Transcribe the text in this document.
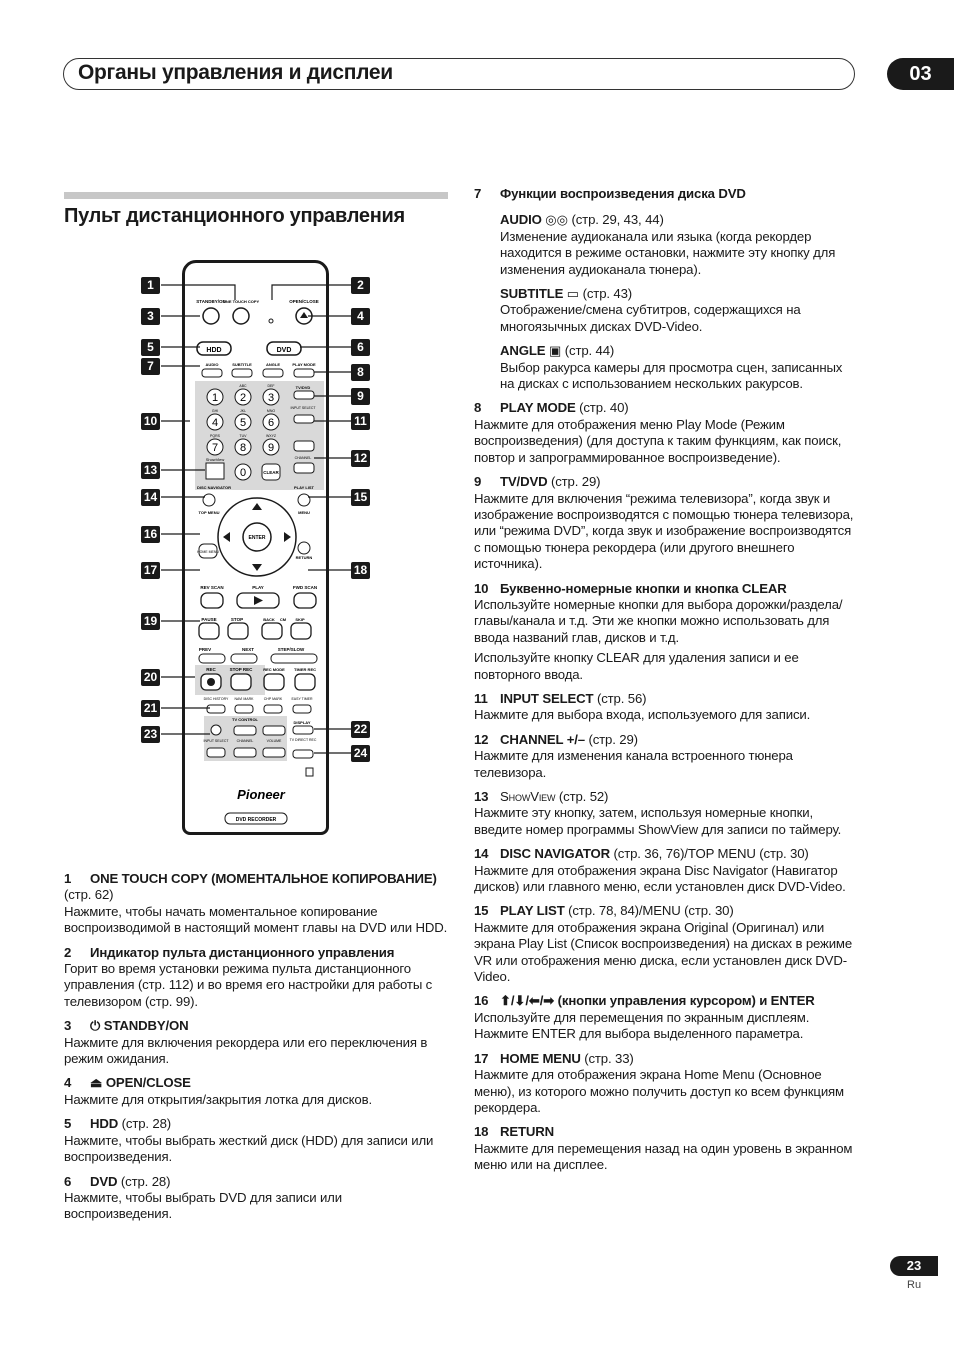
Органы управления и дисплеи	03
Пульт дистанционного управления
STANDBY/ON
ONE TOUCH COPY	OPEN/CLOSE
HDD	DVD
AUDIO	SUBTITLE	ANGLE	PLAY MODE
1 2 3
4 5 6
7 8 9
0
ABC	DEF
GHI	JKL	MNO
PQRS	TUV	WXYZ
ShowView
CLEAR
TV/DVD
INPUT SELECT
CHANNEL
DISC NAVIGATOR	PLAY LIST
TOP MENU	MENU
ENTER
HOME MENU
RETURN
REV SCAN	PLAY	FWD SCAN
PAUSE	STOP	BACK CM SKIP
PREV	NEXT	STEP/SLOW
REC	STOP REC	REC MODE TIMER REC
DISC HISTORY NAVI MARK	CHP MARK	EASY TIMER
TV CONTROL
DISPLAY
INPUT SELECT CHANNEL	VOLUME TV DIRECT REC
Pioneer
DVD RECORDER
1
3
5
7
10
13
14
16
17
19
20
21
23
2
4
6
8
9
11
12
15
18
22
24

1 ONE TOUCH COPY (МОМЕНТАЛЬНОЕ КОПИРОВАНИЕ) (стр. 62)

Нажмите, чтобы начать моментальное копирование воспроизводимой в настоящий момент главы на DVD или HDD.

2 Индикатор пульта дистанционного управления

Горит во время установки режима пульта дистанционного управления (стр. 112) и во время его настройки для работы с телевизором (стр. 99).

3 ⏻ STANDBY/ON

Нажмите для включения рекордера или его переключения в режим ожидания.

4 ⏏ OPEN/CLOSE

Нажмите для открытия/закрытия лотка для дисков.

5 HDD (стр. 28)

Нажмите, чтобы выбрать жесткий диск (HDD) для записи или воспроизведения.

6 DVD (стр. 28)

Нажмите, чтобы выбрать DVD для записи или воспроизведения.

7 Функции воспроизведения диска DVD

AUDIO ◎◎ (стр. 29, 43, 44)

Изменение аудиоканала или языка (когда рекордер находится в режиме остановки, нажмите эту кнопку для изменения аудиоканала тюнера).

SUBTITLE ▭ (стр. 43)

Отображение/смена субтитров, содержащихся на многоязычных дисках DVD-Video.

ANGLE ▣ (стр. 44)

Выбор ракурса камеры для просмотра сцен, записанных на дисках с использованием нескольких ракурсов.

8 PLAY MODE (стр. 40)

Нажмите для отображения меню Play Mode (Режим воспроизведения) (для доступа к таким функциям, как поиск, повтор и запрограммированное воспроизведение).

9 TV/DVD (стр. 29)

Нажмите для включения “режима телевизора”, когда звук и изображение воспроизводятся с помощью тюнера телевизора, или “режима DVD”, когда звук и изображение воспроизводятся с помощью тюнера рекордера (или другого внешнего источника).

10 Буквенно-номерные кнопки и кнопка CLEAR

Используйте номерные кнопки для выбора дорожки/раздела/главы/канала и т.д. Эти же кнопки можно использовать для ввода названий глав, дисков и т.д.

Используйте кнопку CLEAR для удаления записи и ее повторного ввода.

11 INPUT SELECT (стр. 56)

Нажмите для выбора входа, используемого для записи.

12 CHANNEL +/– (стр. 29)

Нажмите для изменения канала встроенного тюнера телевизора.

13 ShowView (стр. 52)

Нажмите эту кнопку, затем, используя номерные кнопки, введите номер программы ShowView для записи по таймеру.

14 DISC NAVIGATOR (стр. 36, 76)/TOP MENU (стр. 30)

Нажмите для отображения экрана Disc Navigator (Навигатор дисков) или главного меню, если установлен диск DVD-Video.

15 PLAY LIST (стр. 78, 84)/MENU (стр. 30)

Нажмите для отображения экрана Original (Оригинал) или экрана Play List (Список воспроизведения) на дисках в режиме VR или отображения меню диска, если установлен диск DVD-Video.

16 ⬆/⬇/⬅/➡ (кнопки управления курсором) и ENTER

Используйте для перемещения по экранным дисплеям. Нажмите ENTER для выбора выделенного параметра.

17 HOME MENU (стр. 33)

Нажмите для отображения экрана Home Menu (Основное меню), из которого можно получить доступ ко всем функциям рекордера.

18 RETURN

Нажмите для перемещения назад на один уровень в экранном меню или на дисплее.

23
Ru
